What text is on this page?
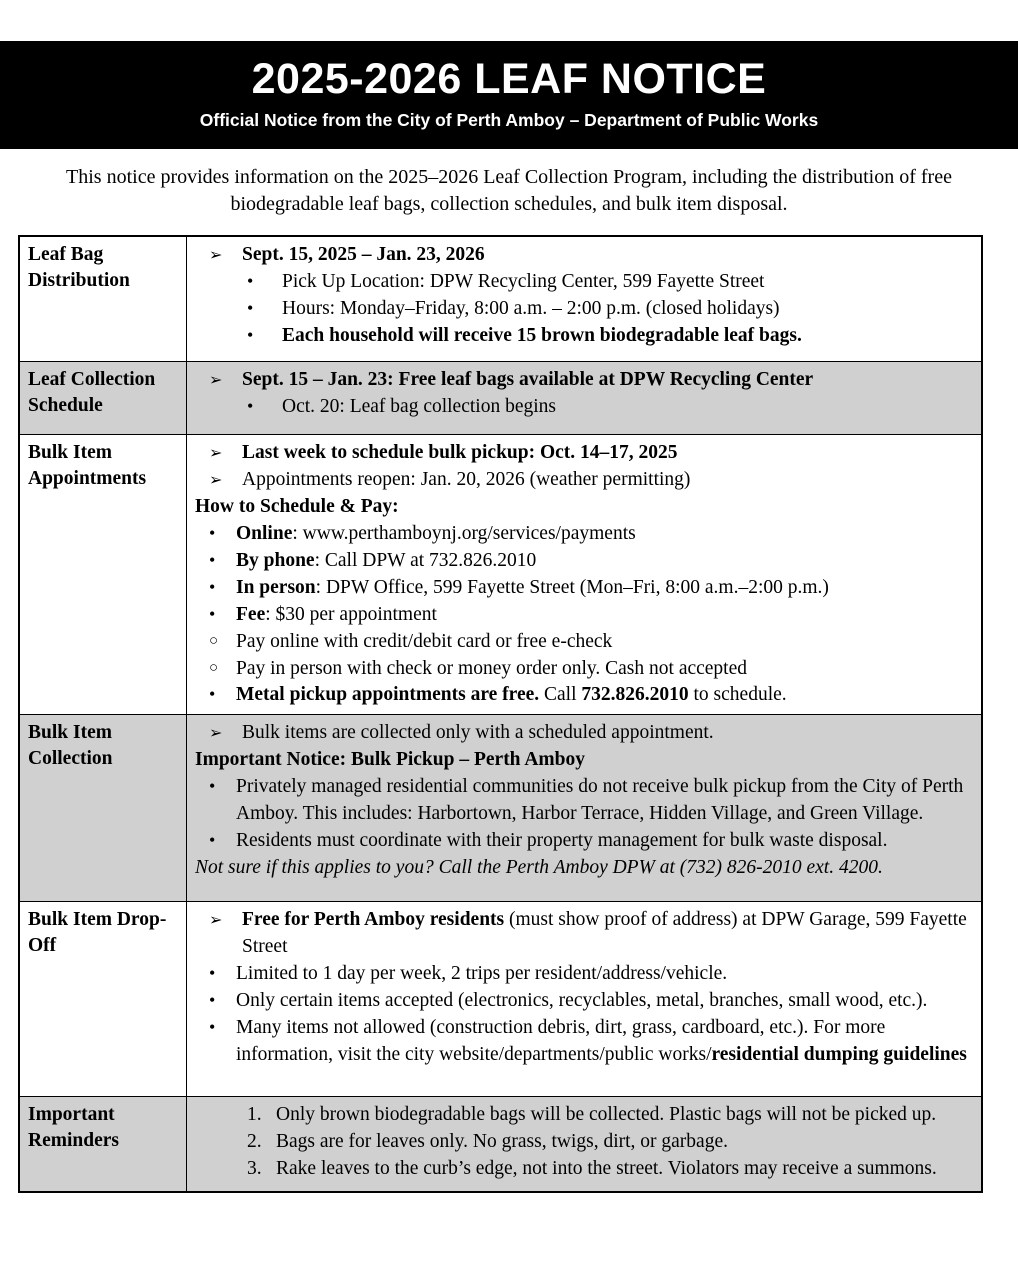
2025-2026 LEAF NOTICE
Official Notice from the City of Perth Amboy – Department of Public Works
This notice provides information on the 2025–2026 Leaf Collection Program, including the distribution of free biodegradable leaf bags, collection schedules, and bulk item disposal.
Leaf Bag Distribution	
➢	Sept. 15, 2025 – Jan. 23, 2026
•	Pick Up Location: DPW Recycling Center, 599 Fayette Street
•	Hours: Monday–Friday, 8:00 a.m. – 2:00 p.m. (closed holidays)
•	Each household will receive 15 brown biodegradable leaf bags.

Leaf Collection Schedule	➢ Sept. 15 – Jan. 23: Free leaf bags available at DPW Recycling Center
• Oct. 20: Leaf bag collection begins

Bulk Item Appointments	
➢	Last week to schedule bulk pickup: Oct. 14–17, 2025
➢	Appointments reopen: Jan. 20, 2026 (weather permitting)
How to Schedule & Pay:
•	Online: www.perthamboynj.org/services/payments
•	By phone: Call DPW at 732.826.2010
•	In person: DPW Office, 599 Fayette Street (Mon–Fri, 8:00 a.m.–2:00 p.m.)
•	Fee: $30 per appointment
○ Pay online with credit/debit card or free e-check
○ Pay in person with check or money order only. Cash not accepted
•	Metal pickup appointments are free. Call 732.826.2010 to schedule.

Bulk Item Collection	
➢	Bulk items are collected only with a scheduled appointment.
Important Notice: Bulk Pickup – Perth Amboy
•	Privately managed residential communities do not receive bulk pickup from the City of Perth Amboy. This includes: Harbortown, Harbor Terrace, Hidden Village, and Green Village.
•	Residents must coordinate with their property management for bulk waste disposal.
Not sure if this applies to you? Call the Perth Amboy DPW at (732) 826-2010 ext. 4200.

Bulk Item Drop-Off	
➢	Free for Perth Amboy residents (must show proof of address) at DPW Garage, 599 Fayette Street
•	Limited to 1 day per week, 2 trips per resident/address/vehicle.
•	Only certain items accepted (electronics, recyclables, metal, branches, small wood, etc.).
•	Many items not allowed (construction debris, dirt, grass, cardboard, etc.). For more information, visit the city website/departments/public works/residential dumping guidelines

Important Reminders	
1. Only brown biodegradable bags will be collected. Plastic bags will not be picked up.
2. Bags are for leaves only. No grass, twigs, dirt, or garbage.
3. Rake leaves to the curb’s edge, not into the street. Violators may receive a summons.
